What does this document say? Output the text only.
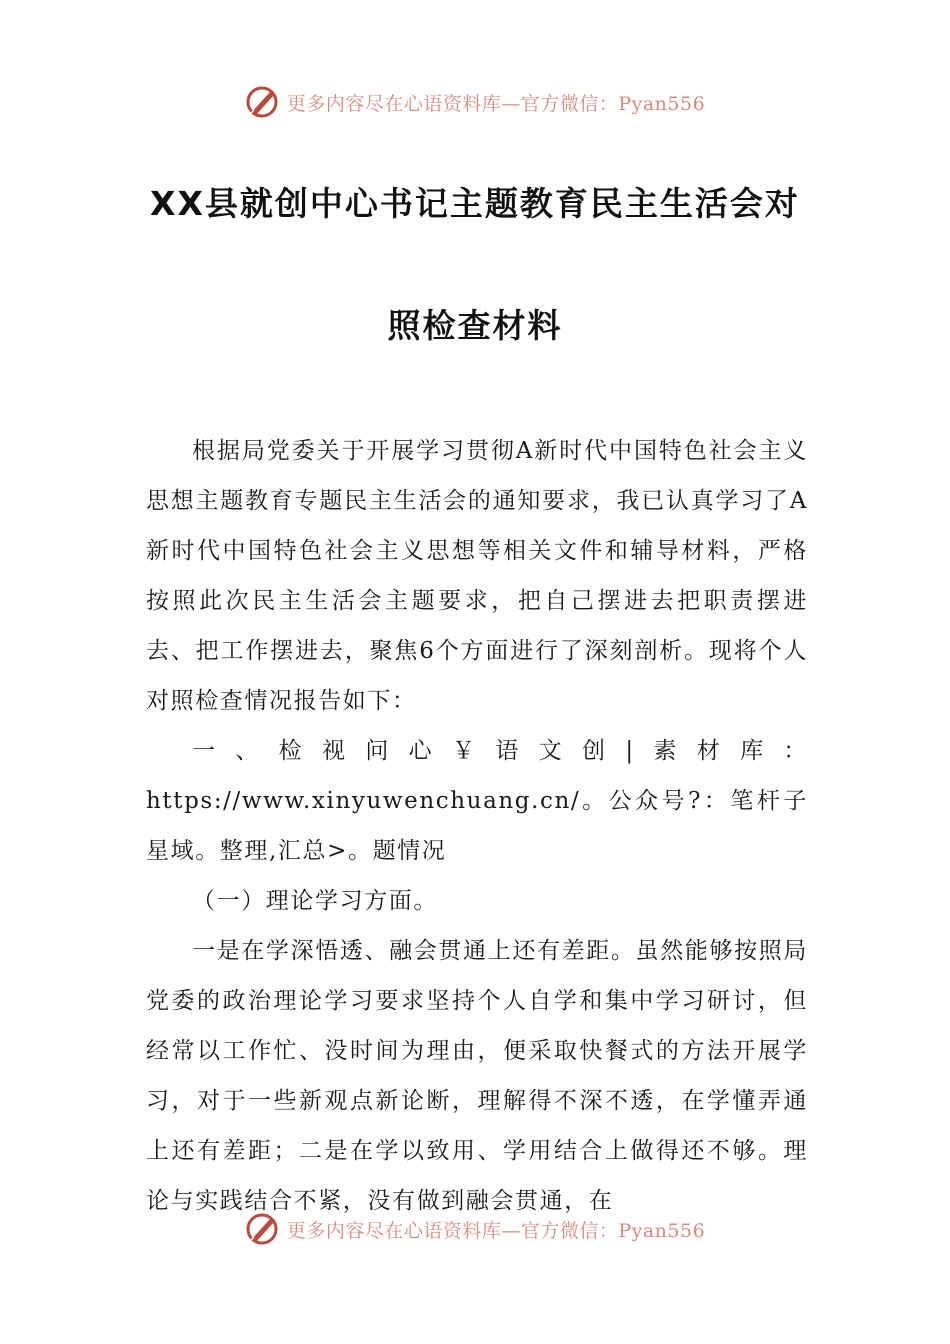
更多内容尽在心语资料库—官方微信：Pyan556
XX县就创中心书记主题教育民主生活会对
照检查材料

根据局党委关于开展学习贯彻A新时代中国特色社会主义思想主题教育专题民主生活会的通知要求，我已认真学习了A新时代中国特色社会主义思想等相关文件和辅导材料，严格按照此次民主生活会主题要求，把自己摆进去把职责摆进去、把工作摆进去，聚焦6个方面进行了深刻剖析。现将个人对照检查情况报告如下：

一、检视问心￥语文创|素材库：https://www.xinyuwenchuang.cn/。公众号?：笔杆子星域。整理,汇总>。题情况

（一）理论学习方面。

一是在学深悟透、融会贯通上还有差距。虽然能够按照局党委的政治理论学习要求坚持个人自学和集中学习研讨，但经常以工作忙、没时间为理由，便采取快餐式的方法开展学习，对于一些新观点新论断，理解得不深不透，在学懂弄通上还有差距；二是在学以致用、学用结合上做得还不够。理论与实践结合不紧，没有做到融会贯通，在

更多内容尽在心语资料库—官方微信：Pyan556
